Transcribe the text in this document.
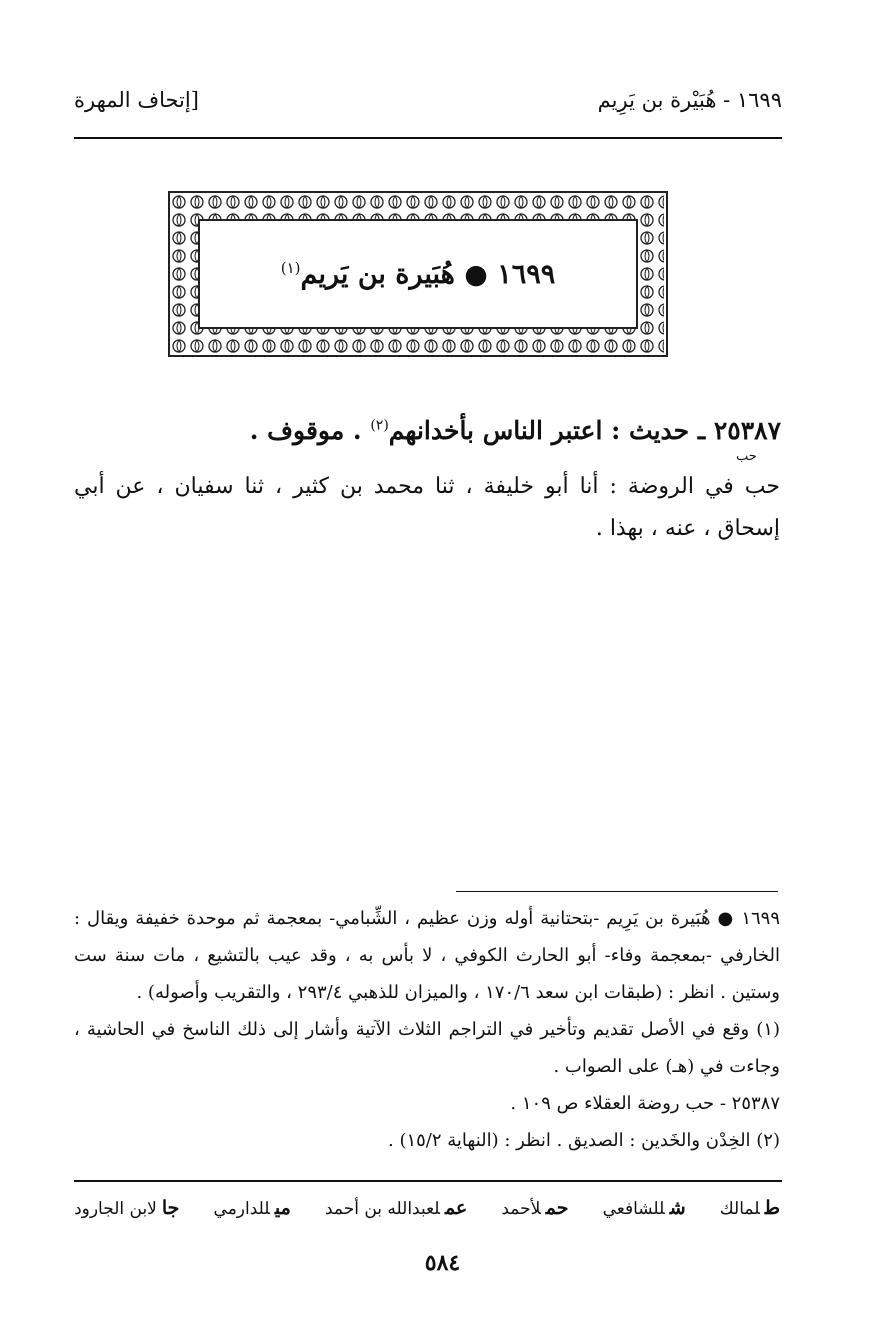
١٦٩٩ - هُبَيْرة بن يَرِيم
[إتحاف المهرة
١٦٩٩ ● هُبَيرة بن يَريم$^{(١)}$
٢٥٣٨٧ ـ حديث : اعتبر الناس بأخدانهم$^{(٢)}$ . موقوف .
حب
حب في الروضة : أنا أبو خليفة ، ثنا محمد بن كثير ، ثنا سفيان ، عن أبي إسحاق ، عنه ، بهذا .

١٦٩٩ ● هُبَيرة بن يَرِيم -بتحتانية أوله وزن عظيم ، الشِّبامي- بمعجمة ثم موحدة خفيفة ويقال : الخارفي -بمعجمة وفاء- أبو الحارث الكوفي ، لا بأس به ، وقد عيب بالتشيع ، مات سنة ست وستين . انظر : (طبقات ابن سعد ١٧٠/٦ ، والميزان للذهبي ٢٩٣/٤ ، والتقريب وأصوله) .

(١) وقع في الأصل تقديم وتأخير في التراجم الثلاث الآتية وأشار إلى ذلك الناسخ في الحاشية ، وجاءت في (هـ) على الصواب .

٢٥٣٨٧ - حب روضة العقلاء ص ١٠٩ .

(٢) الخِدْن والخَدين : الصديق . انظر : (النهاية ١٥/٢) .

طلمالك
شللشافعي
حملأحمد
عملعبدالله بن أحمد
ميللدارمي
جالابن الجارود
٥٨٤
